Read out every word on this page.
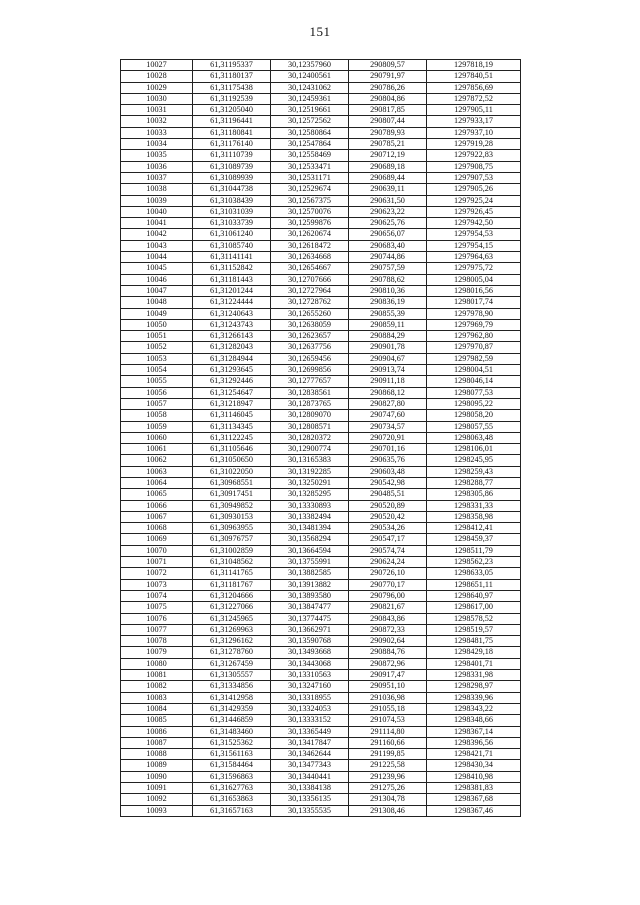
151
10027	61,31195337	30,12357960	290809,57	1297818,19
10028	61,31180137	30,12400561	290791,97	1297840,51
10029	61,31175438	30,12431062	290786,26	1297856,69
10030	61,31192539	30,12459361	290804,86	1297872,52
10031	61,31205040	30,12519661	290817,85	1297905,11
10032	61,31196441	30,12572562	290807,44	1297933,17
10033	61,31180841	30,12580864	290789,93	1297937,10
10034	61,31176140	30,12547864	290785,21	1297919,28
10035	61,31110739	30,12558469	290712,19	1297922,83
10036	61,31089739	30,12533471	290689,18	1297908,75
10037	61,31089939	30,12531171	290689,44	1297907,53
10038	61,31044738	30,12529674	290639,11	1297905,26
10039	61,31038439	30,12567375	290631,50	1297925,24
10040	61,31031039	30,12570076	290623,22	1297926,45
10041	61,31033739	30,12599876	290625,76	1297942,50
10042	61,31061240	30,12620674	290656,07	1297954,53
10043	61,31085740	30,12618472	290683,40	1297954,15
10044	61,31141141	30,12634668	290744,86	1297964,63
10045	61,31152842	30,12654667	290757,59	1297975,72
10046	61,31181443	30,12707666	290788,62	1298005,04
10047	61,31201244	30,12727964	290810,36	1298016,56
10048	61,31224444	30,12728762	290836,19	1298017,74
10049	61,31240643	30,12655260	290855,39	1297978,90
10050	61,31243743	30,12638059	290859,11	1297969,79
10051	61,31266143	30,12623657	290884,29	1297962,80
10052	61,31282043	30,12637756	290901,78	1297970,87
10053	61,31284944	30,12659456	290904,67	1297982,59
10054	61,31293645	30,12699856	290913,74	1298004,51
10055	61,31292446	30,12777657	290911,18	1298046,14
10056	61,31254647	30,12838561	290868,12	1298077,53
10057	61,31218947	30,12873765	290827,80	1298095,22
10058	61,31146045	30,12809070	290747,60	1298058,20
10059	61,31134345	30,12808571	290734,57	1298057,55
10060	61,31122245	30,12820372	290720,91	1298063,48
10061	61,31105646	30,12900774	290701,16	1298106,01
10062	61,31050650	30,13165383	290635,76	1298245,95
10063	61,31022050	30,13192285	290603,48	1298259,43
10064	61,30968551	30,13250291	290542,98	1298288,77
10065	61,30917451	30,13285295	290485,51	1298305,86
10066	61,30949852	30,13330893	290520,89	1298331,33
10067	61,30930153	30,13382494	290520,42	1298358,98
10068	61,30963955	30,13481394	290534,26	1298412,41
10069	61,30976757	30,13568294	290547,17	1298459,37
10070	61,31002859	30,13664594	290574,74	1298511,79
10071	61,31048562	30,13755991	290624,24	1298562,23
10072	61,31141765	30,13882585	290726,10	1298633,05
10073	61,31181767	30,13913882	290770,17	1298651,11
10074	61,31204666	30,13893580	290796,00	1298640,97
10075	61,31227066	30,13847477	290821,67	1298617,00
10076	61,31245965	30,13774475	290843,86	1298578,52
10077	61,31269963	30,13662971	290872,33	1298519,57
10078	61,31296162	30,13590768	290902,64	1298481,75
10079	61,31278760	30,13493668	290884,76	1298429,18
10080	61,31267459	30,13443068	290872,96	1298401,71
10081	61,31305557	30,13310563	290917,47	1298331,98
10082	61,31334856	30,13247160	290951,10	1298298,97
10083	61,31412958	30,13318955	291036,98	1298339,96
10084	61,31429359	30,13324053	291055,18	1298343,22
10085	61,31446859	30,13333152	291074,53	1298348,66
10086	61,31483460	30,13365449	291114,80	1298367,14
10087	61,31525362	30,13417847	291160,66	1298396,56
10088	61,31561163	30,13462644	291199,85	1298421,71
10089	61,31584464	30,13477343	291225,58	1298430,34
10090	61,31596863	30,13440441	291239,96	1298410,98
10091	61,31627763	30,13384138	291275,26	1298381,83
10092	61,31653863	30,13356135	291304,78	1298367,68
10093	61,31657163	30,13355535	291308,46	1298367,46
